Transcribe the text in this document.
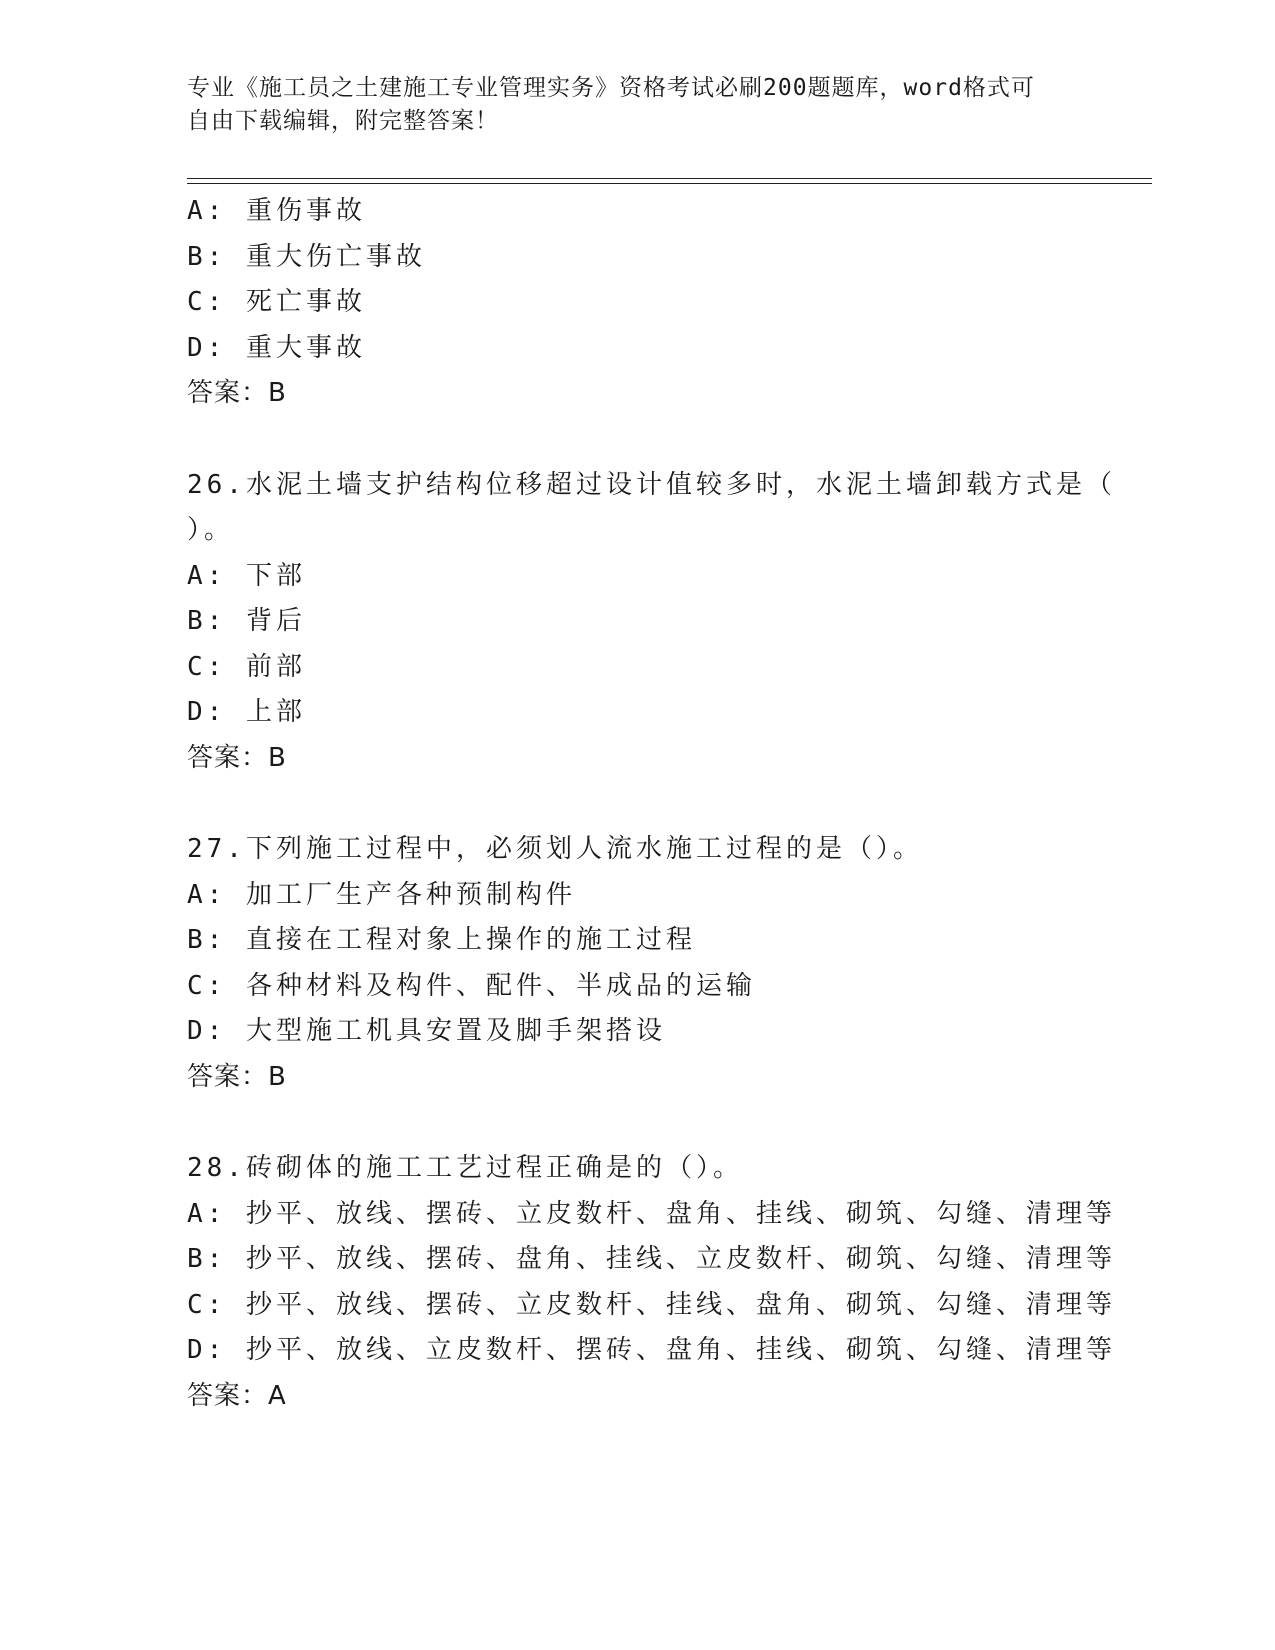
专业《施工员之土建施工专业管理实务》资格考试必刷200题题库，word格式可
自由下载编辑，附完整答案！
A: 重伤事故
B: 重大伤亡事故
C: 死亡事故
D: 重大事故
答案：B
26.水泥土墙支护结构位移超过设计值较多时，水泥土墙卸载方式是（
）。
A: 下部
B: 背后
C: 前部
D: 上部
答案：B
27.下列施工过程中，必须划人流水施工过程的是（）。
A: 加工厂生产各种预制构件
B: 直接在工程对象上操作的施工过程
C: 各种材料及构件、配件、半成品的运输
D: 大型施工机具安置及脚手架搭设
答案：B
28.砖砌体的施工工艺过程正确是的（）。
A: 抄平、放线、摆砖、立皮数杆、盘角、挂线、砌筑、勾缝、清理等
B: 抄平、放线、摆砖、盘角、挂线、立皮数杆、砌筑、勾缝、清理等
C: 抄平、放线、摆砖、立皮数杆、挂线、盘角、砌筑、勾缝、清理等
D: 抄平、放线、立皮数杆、摆砖、盘角、挂线、砌筑、勾缝、清理等
答案：A
